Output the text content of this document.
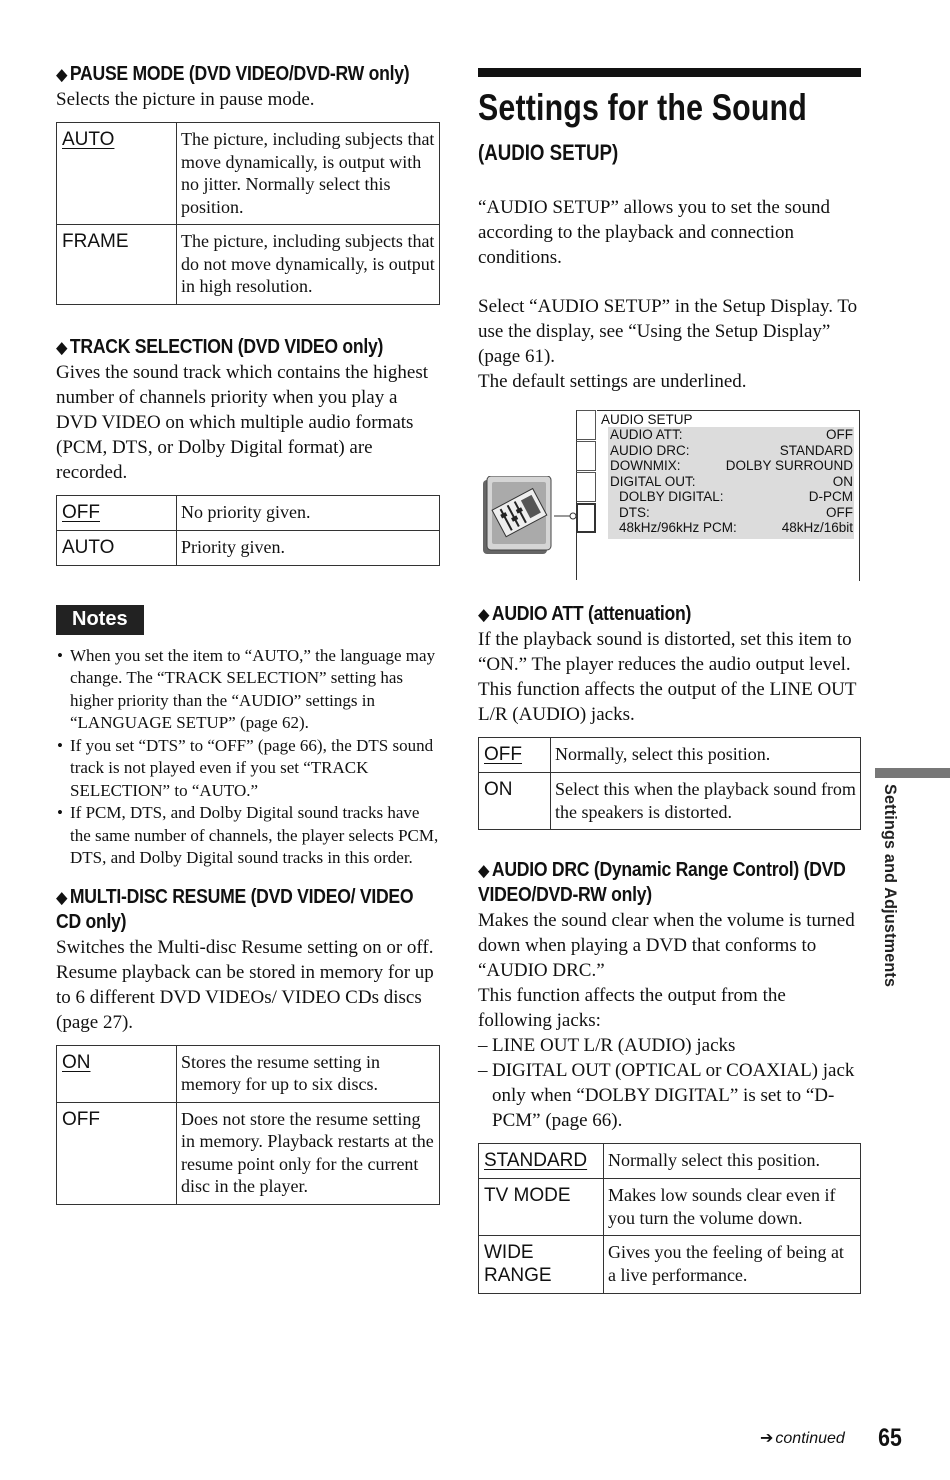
◆ PAUSE MODE (DVD VIDEO/DVD-RW only)

Selects the picture in pause mode.

AUTO	The picture, including subjects that move dynamically, is output with no jitter. Normally select this position.
FRAME	The picture, including subjects that do not move dynamically, is output in high resolution.
◆ TRACK SELECTION (DVD VIDEO only)

Gives the sound track which contains the highest number of channels priority when you play a DVD VIDEO on which multiple audio formats (PCM, DTS, or Dolby Digital format) are recorded.

OFF	No priority given.
AUTO	Priority given.
Notes
• When you set the item to “AUTO,” the language may change. The “TRACK SELECTION” setting has higher priority than the “AUDIO” settings in “LANGUAGE SETUP” (page 62).
• If you set “DTS” to “OFF” (page 66), the DTS sound track is not played even if you set “TRACK SELECTION” to “AUTO.”
• If PCM, DTS, and Dolby Digital sound tracks have the same number of channels, the player selects PCM, DTS, and Dolby Digital sound tracks in this order.
◆ MULTI-DISC RESUME (DVD VIDEO/ VIDEO CD only)

Switches the Multi-disc Resume setting on or off. Resume playback can be stored in memory for up to 6 different DVD VIDEOs/ VIDEO CDs discs (page 27).

ON	Stores the resume setting in memory for up to six discs.
OFF	Does not store the resume setting in memory. Playback restarts at the resume point only for the current disc in the player.
Settings for the Sound
(AUDIO SETUP)

“AUDIO SETUP” allows you to set the sound according to the playback and connection conditions.

Select “AUDIO SETUP” in the Setup Display. To use the display, see “Using the Setup Display” (page 61).

The default settings are underlined.

AUDIO SETUP
AUDIO ATT:	OFF
AUDIO DRC:	STANDARD
DOWNMIX:	DOLBY SURROUND
DIGITAL OUT:	ON
DOLBY DIGITAL:	D-PCM
DTS:	OFF
48kHz/96kHz PCM:	48kHz/16bit
◆ AUDIO ATT (attenuation)

If the playback sound is distorted, set this item to “ON.” The player reduces the audio output level.

This function affects the output of the LINE OUT L/R (AUDIO) jacks.

OFF	Normally, select this position.
ON	Select this when the playback sound from the speakers is distorted.
◆ AUDIO DRC (Dynamic Range Control) (DVD VIDEO/DVD-RW only)

Makes the sound clear when the volume is turned down when playing a DVD that conforms to “AUDIO DRC.”

This function affects the output from the following jacks:

– LINE OUT L/R (AUDIO) jacks
– DIGITAL OUT (OPTICAL or COAXIAL) jack only when “DOLBY DIGITAL” is set to “D-PCM” (page 66).
STANDARD	Normally select this position.
TV MODE	Makes low sounds clear even if you turn the volume down.
WIDE RANGE	Gives you the feeling of being at a live performance.
Settings and Adjustments
➔ continued 65
